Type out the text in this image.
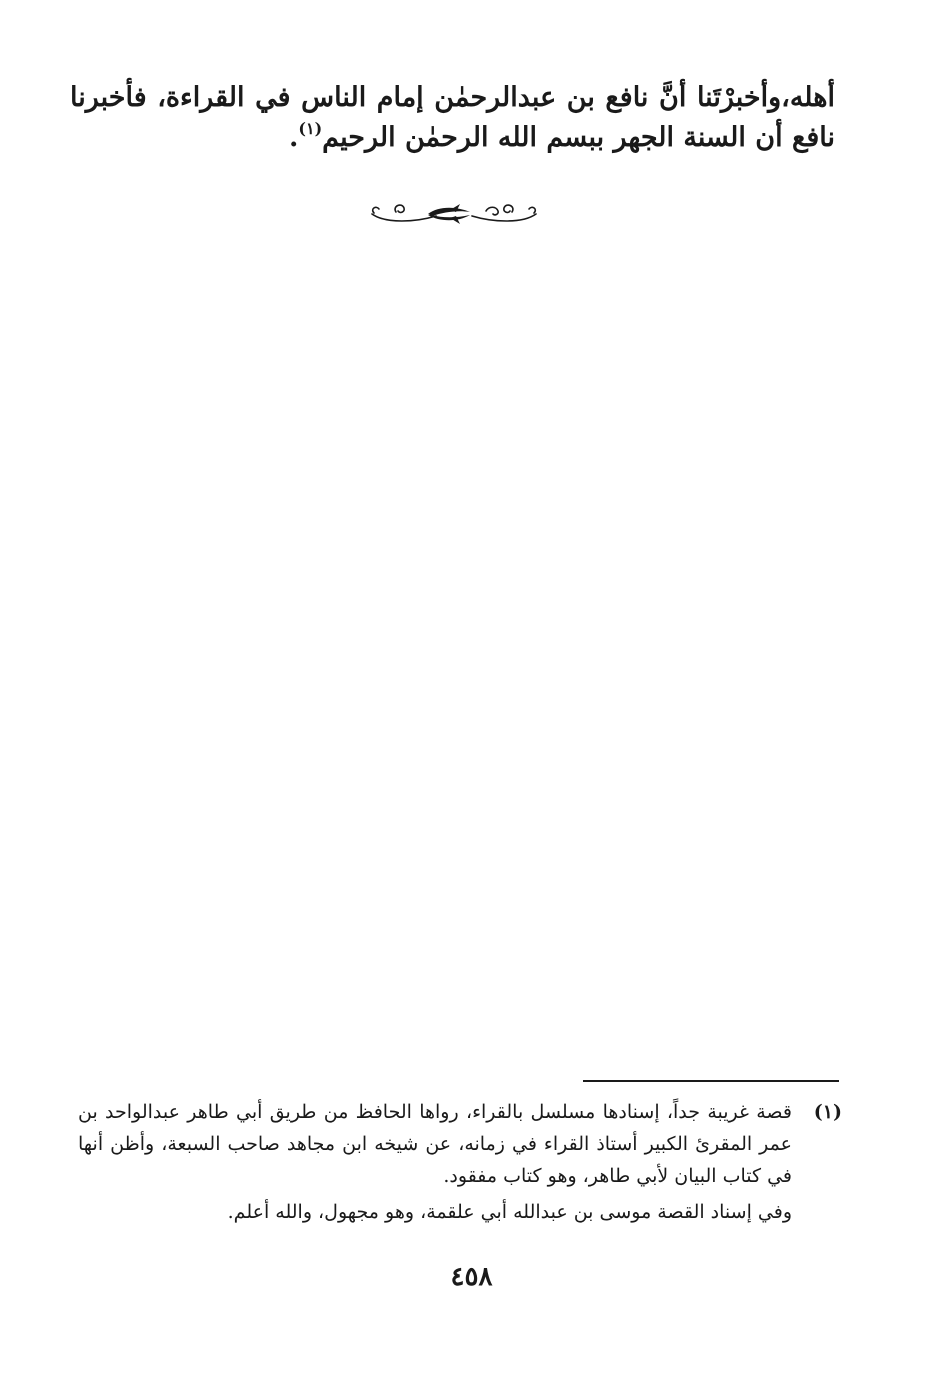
أهله،وأخبرْتَنا أنَّ نافع بن عبدالرحمٰن إمام الناس في القراءة، فأخبرنا نافع أن السنة الجهر ببسم الله الرحمٰن الرحيم$^{(١)}$.

(١)

قصة غريبة جداً، إسنادها مسلسل بالقراء، رواها الحافظ من طريق أبي طاهر عبدالواحد بن عمر المقرئ الكبير أستاذ القراء في زمانه، عن شيخه ابن مجاهد صاحب السبعة، وأظن أنها في كتاب البيان لأبي طاهر، وهو كتاب مفقود.

وفي إسناد القصة موسى بن عبدالله أبي علقمة، وهو مجهول، والله أعلم.

٤٥٨
